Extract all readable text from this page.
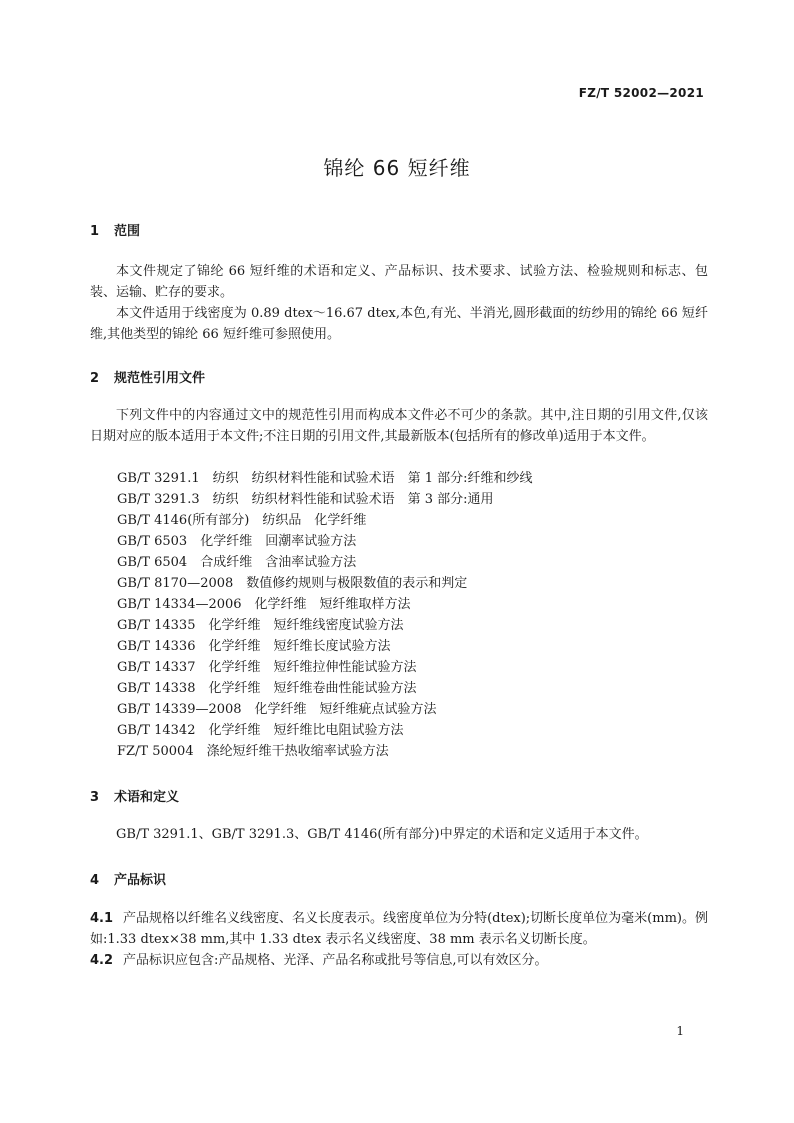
FZ/T 52002—2021
锦纶 66 短纤维
1 范围
本文件规定了锦纶 66 短纤维的术语和定义、产品标识、技术要求、试验方法、检验规则和标志、包装、运输、贮存的要求。
本文件适用于线密度为 0.89 dtex～16.67 dtex,本色,有光、半消光,圆形截面的纺纱用的锦纶 66 短纤维,其他类型的锦纶 66 短纤维可参照使用。
2 规范性引用文件
下列文件中的内容通过文中的规范性引用而构成本文件必不可少的条款。其中,注日期的引用文件,仅该日期对应的版本适用于本文件;不注日期的引用文件,其最新版本(包括所有的修改单)适用于本文件。
GB/T 3291.1　纺织　纺织材料性能和试验术语　第 1 部分:纤维和纱线
GB/T 3291.3　纺织　纺织材料性能和试验术语　第 3 部分:通用
GB/T 4146(所有部分)　纺织品　化学纤维
GB/T 6503　化学纤维　回潮率试验方法
GB/T 6504　合成纤维　含油率试验方法
GB/T 8170—2008　数值修约规则与极限数值的表示和判定
GB/T 14334—2006　化学纤维　短纤维取样方法
GB/T 14335　化学纤维　短纤维线密度试验方法
GB/T 14336　化学纤维　短纤维长度试验方法
GB/T 14337　化学纤维　短纤维拉伸性能试验方法
GB/T 14338　化学纤维　短纤维卷曲性能试验方法
GB/T 14339—2008　化学纤维　短纤维疵点试验方法
GB/T 14342　化学纤维　短纤维比电阻试验方法
FZ/T 50004　涤纶短纤维干热收缩率试验方法
3 术语和定义
GB/T 3291.1、GB/T 3291.3、GB/T 4146(所有部分)中界定的术语和定义适用于本文件。
4 产品标识
4.1 产品规格以纤维名义线密度、名义长度表示。线密度单位为分特(dtex);切断长度单位为毫米(mm)。例如:1.33 dtex×38 mm,其中 1.33 dtex 表示名义线密度、38 mm 表示名义切断长度。
4.2 产品标识应包含:产品规格、光泽、产品名称或批号等信息,可以有效区分。
1
